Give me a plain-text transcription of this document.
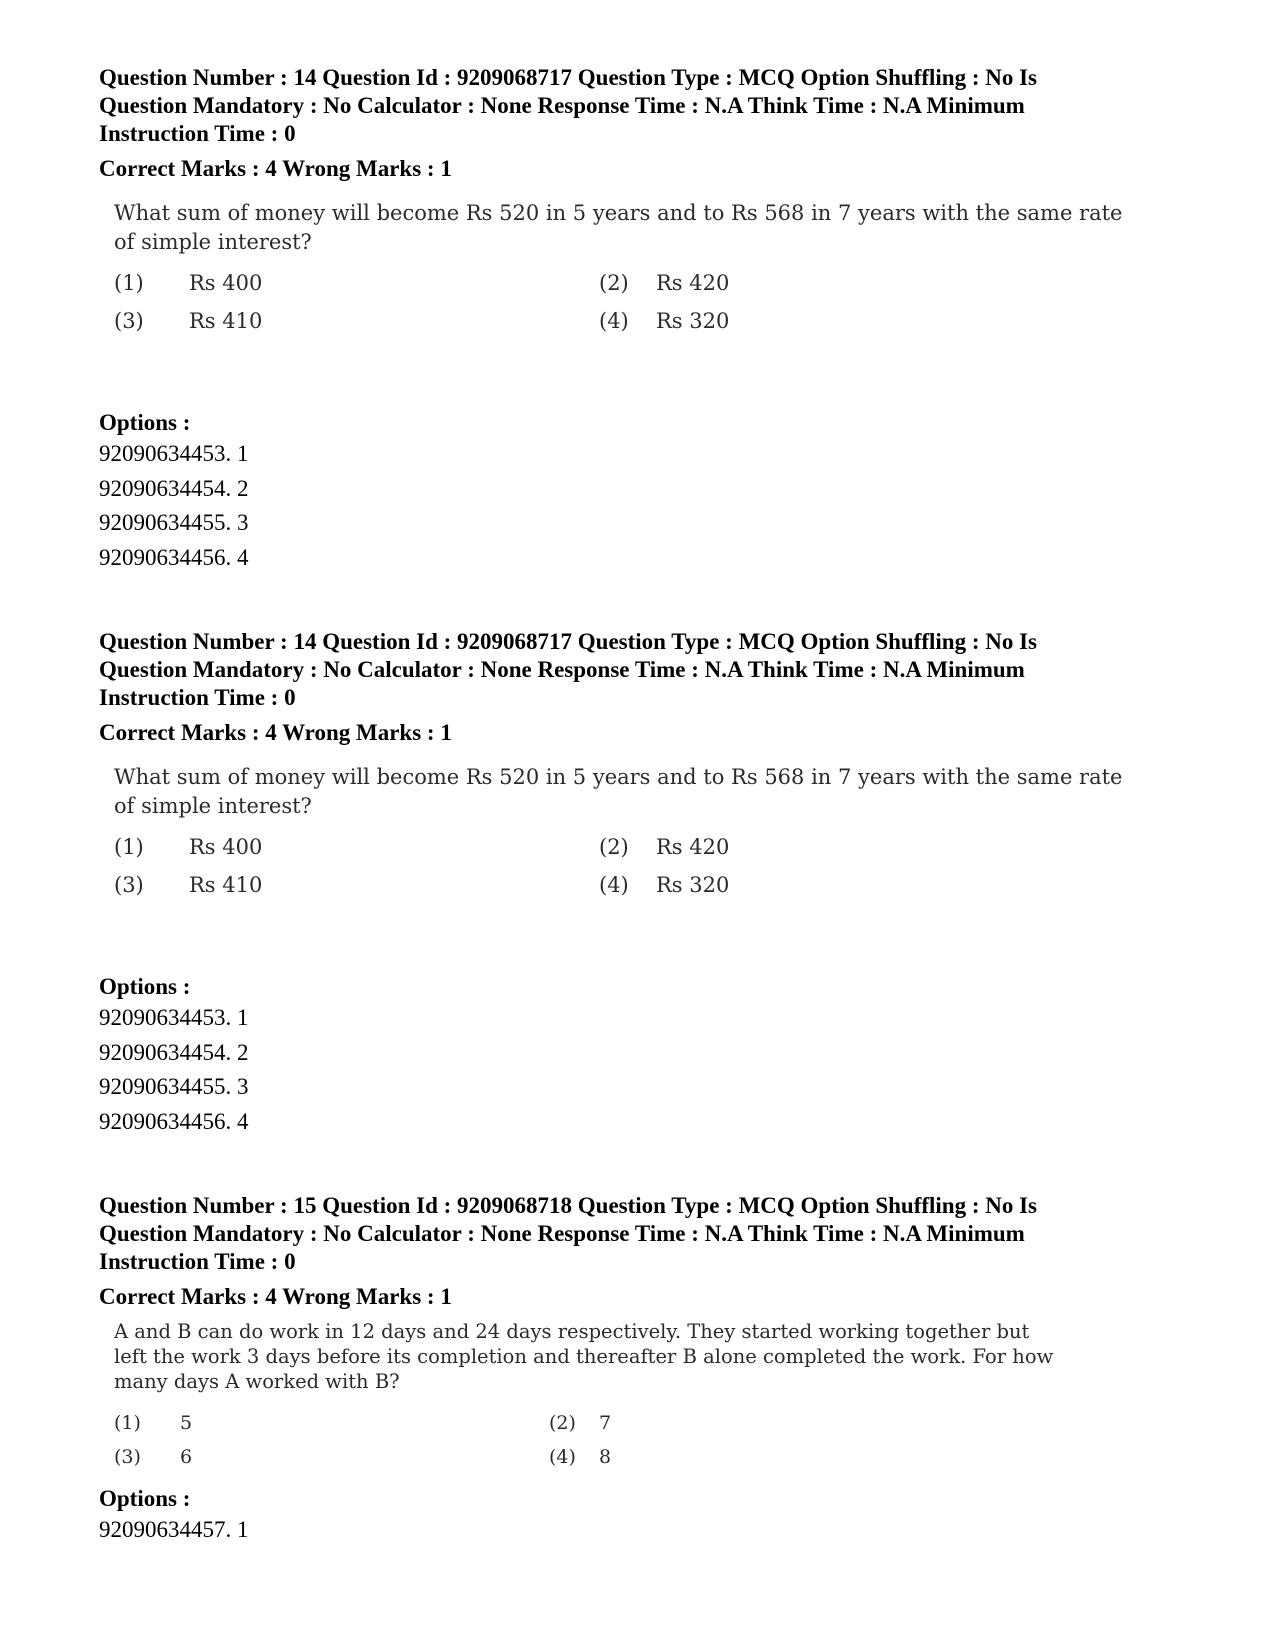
Question Number : 14 Question Id : 9209068717 Question Type : MCQ Option Shuffling : No Is

Question Mandatory : No Calculator : None Response Time : N.A Think Time : N.A Minimum

Instruction Time : 0

Correct Marks : 4 Wrong Marks : 1

What sum of money will become Rs 520 in 5 years and to Rs 568 in 7 years with the same rate

of simple interest?

(1) Rs 400	(2) Rs 420
(3) Rs 410	(4) Rs 320

Options :

92090634453. 1

92090634454. 2

92090634455. 3

92090634456. 4

Question Number : 14 Question Id : 9209068717 Question Type : MCQ Option Shuffling : No Is

Question Mandatory : No Calculator : None Response Time : N.A Think Time : N.A Minimum

Instruction Time : 0

Correct Marks : 4 Wrong Marks : 1

What sum of money will become Rs 520 in 5 years and to Rs 568 in 7 years with the same rate

of simple interest?

(1) Rs 400	(2) Rs 420
(3) Rs 410	(4) Rs 320

Options :

92090634453. 1

92090634454. 2

92090634455. 3

92090634456. 4

Question Number : 15 Question Id : 9209068718 Question Type : MCQ Option Shuffling : No Is

Question Mandatory : No Calculator : None Response Time : N.A Think Time : N.A Minimum

Instruction Time : 0

Correct Marks : 4 Wrong Marks : 1

A and B can do work in 12 days and 24 days respectively. They started working together but

left the work 3 days before its completion and thereafter B alone completed the work. For how

many days A worked with B?

(1) 5	(2) 7
(3) 6	(4) 8

Options :

92090634457. 1
